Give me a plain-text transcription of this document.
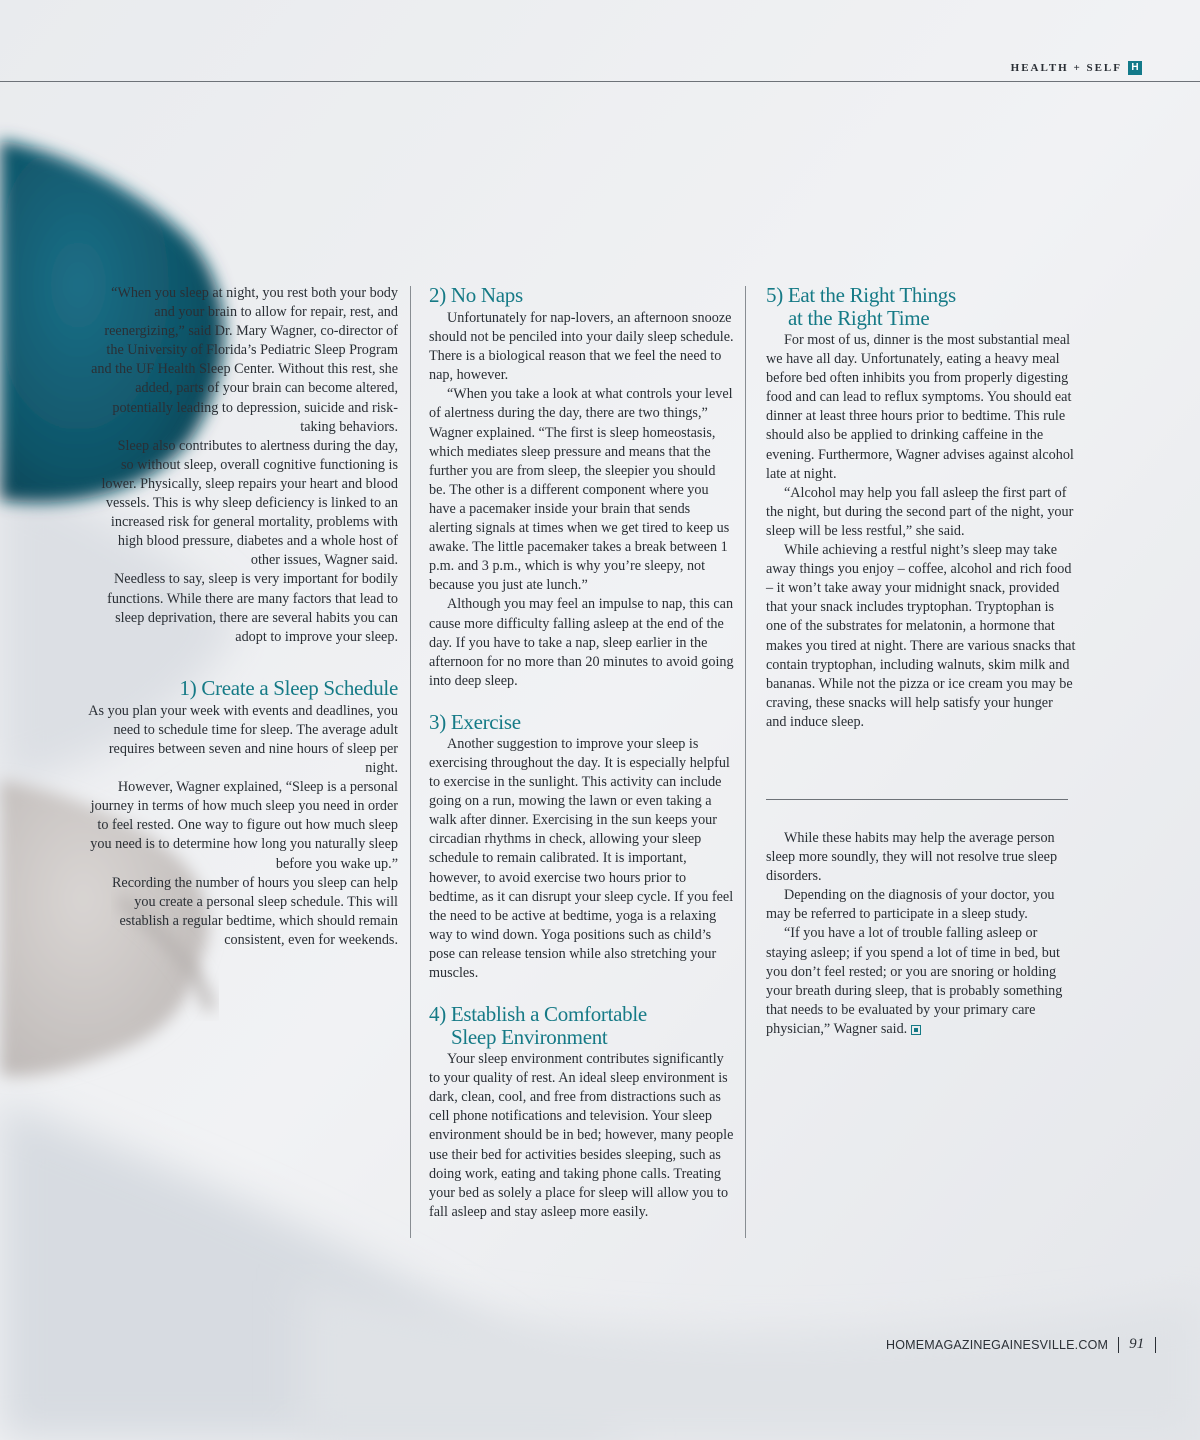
HEALTH + SELF H

“When you sleep at night, you rest both your body and your brain to allow for repair, rest, and reenergizing,” said Dr. Mary Wagner, co-director of the University of Florida’s Pediatric Sleep Program and the UF Health Sleep Center. Without this rest, she added, parts of your brain can become altered, potentially leading to depression, suicide and risk-taking behaviors.

Sleep also contributes to alertness during the day, so without sleep, overall cognitive functioning is lower. Physically, sleep repairs your heart and blood vessels. This is why sleep deficiency is linked to an increased risk for general mortality, problems with high blood pressure, diabetes and a whole host of other issues, Wagner said.

Needless to say, sleep is very important for bodily functions. While there are many factors that lead to sleep deprivation, there are several habits you can adopt to improve your sleep.

1) Create a Sleep Schedule

As you plan your week with events and deadlines, you need to schedule time for sleep. The average adult requires between seven and nine hours of sleep per night.

However, Wagner explained, “Sleep is a personal journey in terms of how much sleep you need in order to feel rested. One way to figure out how much sleep you need is to determine how long you naturally sleep before you wake up.”

Recording the number of hours you sleep can help you create a personal sleep schedule. This will establish a regular bedtime, which should remain consistent, even for weekends.

2) No Naps

Unfortunately for nap-lovers, an afternoon snooze should not be penciled into your daily sleep schedule. There is a biological reason that we feel the need to nap, however.

“When you take a look at what controls your level of alertness during the day, there are two things,” Wagner explained. “The first is sleep homeostasis, which mediates sleep pressure and means that the further you are from sleep, the sleepier you should be. The other is a different component where you have a pacemaker inside your brain that sends alerting signals at times when we get tired to keep us awake. The little pacemaker takes a break between 1 p.m. and 3 p.m., which is why you’re sleepy, not because you just ate lunch.”

Although you may feel an impulse to nap, this can cause more difficulty falling asleep at the end of the day. If you have to take a nap, sleep earlier in the afternoon for no more than 20 minutes to avoid going into deep sleep.

3) Exercise

Another suggestion to improve your sleep is exercising throughout the day. It is especially helpful to exercise in the sunlight. This activity can include going on a run, mowing the lawn or even taking a walk after dinner. Exercising in the sun keeps your circadian rhythms in check, allowing your sleep schedule to remain calibrated. It is important, however, to avoid exercise two hours prior to bedtime, as it can disrupt your sleep cycle. If you feel the need to be active at bedtime, yoga is a relaxing way to wind down. Yoga positions such as child’s pose can release tension while also stretching your muscles.

4) Establish a Comfortable
Sleep Environment

Your sleep environment contributes significantly to your quality of rest. An ideal sleep environment is dark, clean, cool, and free from distractions such as cell phone notifications and television. Your sleep environment should be in bed; however, many people use their bed for activities besides sleeping, such as doing work, eating and taking phone calls. Treating your bed as solely a place for sleep will allow you to fall asleep and stay asleep more easily.

5) Eat the Right Things
at the Right Time

For most of us, dinner is the most substantial meal we have all day. Unfortunately, eating a heavy meal before bed often inhibits you from properly digesting food and can lead to reflux symptoms. You should eat dinner at least three hours prior to bedtime. This rule should also be applied to drinking caffeine in the evening. Furthermore, Wagner advises against alcohol late at night.

“Alcohol may help you fall asleep the first part of the night, but during the second part of the night, your sleep will be less restful,” she said.

While achieving a restful night’s sleep may take away things you enjoy – coffee, alcohol and rich food – it won’t take away your midnight snack, provided that your snack includes tryptophan. Tryptophan is one of the substrates for melatonin, a hormone that makes you tired at night. There are various snacks that contain tryptophan, including walnuts, skim milk and bananas. While not the pizza or ice cream you may be craving, these snacks will help satisfy your hunger and induce sleep.

While these habits may help the average person sleep more soundly, they will not resolve true sleep disorders.

Depending on the diagnosis of your doctor, you may be referred to participate in a sleep study.

“If you have a lot of trouble falling asleep or staying asleep; if you spend a lot of time in bed, but you don’t feel rested; or you are snoring or holding your breath during sleep, that is probably something that needs to be evaluated by your primary care physician,” Wagner said.

HOMEMAGAZINEGAINESVILLE.COM 91
